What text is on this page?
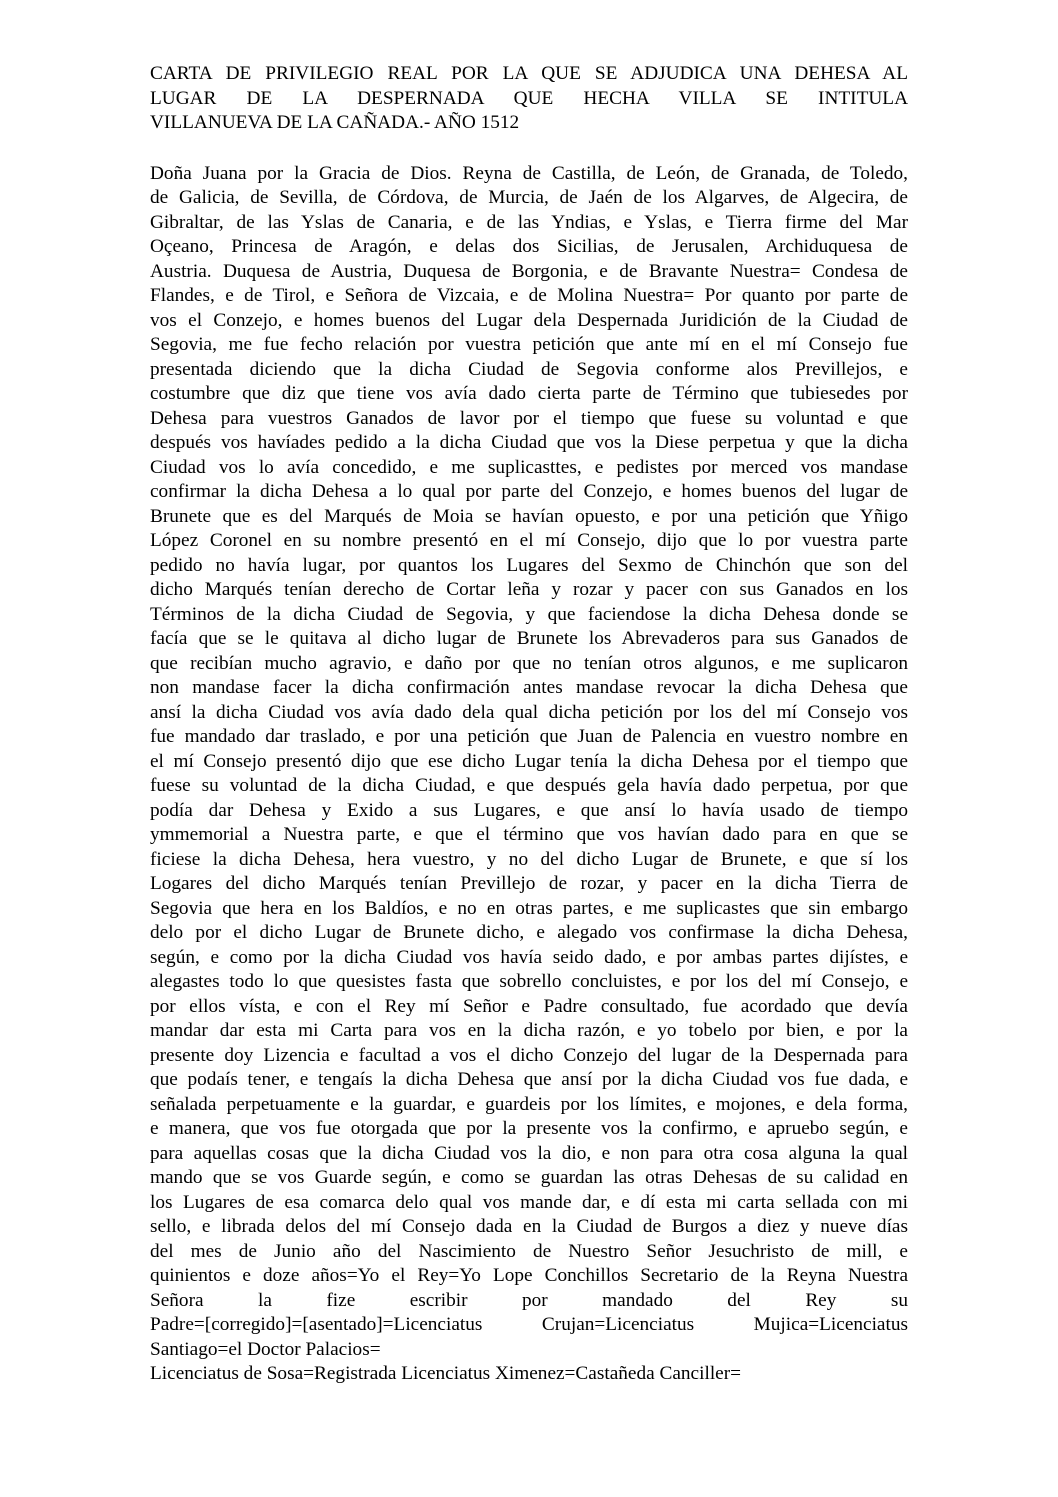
CARTA DE PRIVILEGIO REAL POR LA QUE SE ADJUDICA UNA DEHESA AL
LUGAR DE LA DESPERNADA QUE HECHA VILLA SE INTITULA
VILLANUEVA DE LA CAÑADA.- AÑO 1512
Doña Juana por la Gracia de Dios. Reyna de Castilla, de León, de Granada, de Toledo,
de Galicia, de Sevilla, de Córdova, de Murcia, de Jaén de los Algarves, de Algecira, de
Gibraltar, de las Yslas de Canaria, e de las Yndias, e Yslas, e Tierra firme del Mar
Oçeano, Princesa de Aragón, e delas dos Sicilias, de Jerusalen, Archiduquesa de
Austria. Duquesa de Austria, Duquesa de Borgonia, e de Bravante Nuestra= Condesa de
Flandes, e de Tirol, e Señora de Vizcaia, e de Molina Nuestra= Por quanto por parte de
vos el Conzejo, e homes buenos del Lugar dela Despernada Juridición de la Ciudad de
Segovia, me fue fecho relación por vuestra petición que ante mí en el mí Consejo fue
presentada diciendo que la dicha Ciudad de Segovia conforme alos Previllejos, e
costumbre que diz que tiene vos avía dado cierta parte de Término que tubiesedes por
Dehesa para vuestros Ganados de lavor por el tiempo que fuese su voluntad e que
después vos havíades pedido a la dicha Ciudad que vos la Diese perpetua y que la dicha
Ciudad vos lo avía concedido, e me suplicasttes, e pedistes por merced vos mandase
confirmar la dicha Dehesa a lo qual por parte del Conzejo, e homes buenos del lugar de
Brunete que es del Marqués de Moia se havían opuesto, e por una petición que Yñigo
López Coronel en su nombre presentó en el mí Consejo, dijo que lo por vuestra parte
pedido no havía lugar, por quantos los Lugares del Sexmo de Chinchón que son del
dicho Marqués tenían derecho de Cortar leña y rozar y pacer con sus Ganados en los
Términos de la dicha Ciudad de Segovia, y que faciendose la dicha Dehesa donde se
facía que se le quitava al dicho lugar de Brunete los Abrevaderos para sus Ganados de
que recibían mucho agravio, e daño por que no tenían otros algunos, e me suplicaron
non mandase facer la dicha confirmación antes mandase revocar la dicha Dehesa que
ansí la dicha Ciudad vos avía dado dela qual dicha petición por los del mí Consejo vos
fue mandado dar traslado, e por una petición que Juan de Palencia en vuestro nombre en
el mí Consejo presentó dijo que ese dicho Lugar tenía la dicha Dehesa por el tiempo que
fuese su voluntad de la dicha Ciudad, e que después gela havía dado perpetua, por que
podía dar Dehesa y Exido a sus Lugares, e que ansí lo havía usado de tiempo
ymmemorial a Nuestra parte, e que el término que vos havían dado para en que se
ficiese la dicha Dehesa, hera vuestro, y no del dicho Lugar de Brunete, e que sí los
Logares del dicho Marqués tenían Previllejo de rozar, y pacer en la dicha Tierra de
Segovia que hera en los Baldíos, e no en otras partes, e me suplicastes que sin embargo
delo por el dicho Lugar de Brunete dicho, e alegado vos confirmase la dicha Dehesa,
según, e como por la dicha Ciudad vos havía seido dado, e por ambas partes dijístes, e
alegastes todo lo que quesistes fasta que sobrello concluistes, e por los del mí Consejo, e
por ellos vísta, e con el Rey mí Señor e Padre consultado, fue acordado que devía
mandar dar esta mi Carta para vos en la dicha razón, e yo tobelo por bien, e por la
presente doy Lizencia e facultad a vos el dicho Conzejo del lugar de la Despernada para
que podaís tener, e tengaís la dicha Dehesa que ansí por la dicha Ciudad vos fue dada, e
señalada perpetuamente e la guardar, e guardeis por los límites, e mojones, e dela forma,
e manera, que vos fue otorgada que por la presente vos la confirmo, e apruebo según, e
para aquellas cosas que la dicha Ciudad vos la dio, e non para otra cosa alguna la qual
mando que se vos Guarde según, e como se guardan las otras Dehesas de su calidad en
los Lugares de esa comarca delo qual vos mande dar, e dí esta mi carta sellada con mi
sello, e librada delos del mí Consejo dada en la Ciudad de Burgos a diez y nueve días
del mes de Junio año del Nascimiento de Nuestro Señor Jesuchristo de mill, e
quinientos e doze años=Yo el Rey=Yo Lope Conchillos Secretario de la Reyna Nuestra
Señora la fize escribir por mandado del Rey su
Padre=[corregido]=[asentado]=Licenciatus Crujan=Licenciatus Mujica=Licenciatus
Santiago=el Doctor Palacios=
Licenciatus de Sosa=Registrada Licenciatus Ximenez=Castañeda Canciller=
